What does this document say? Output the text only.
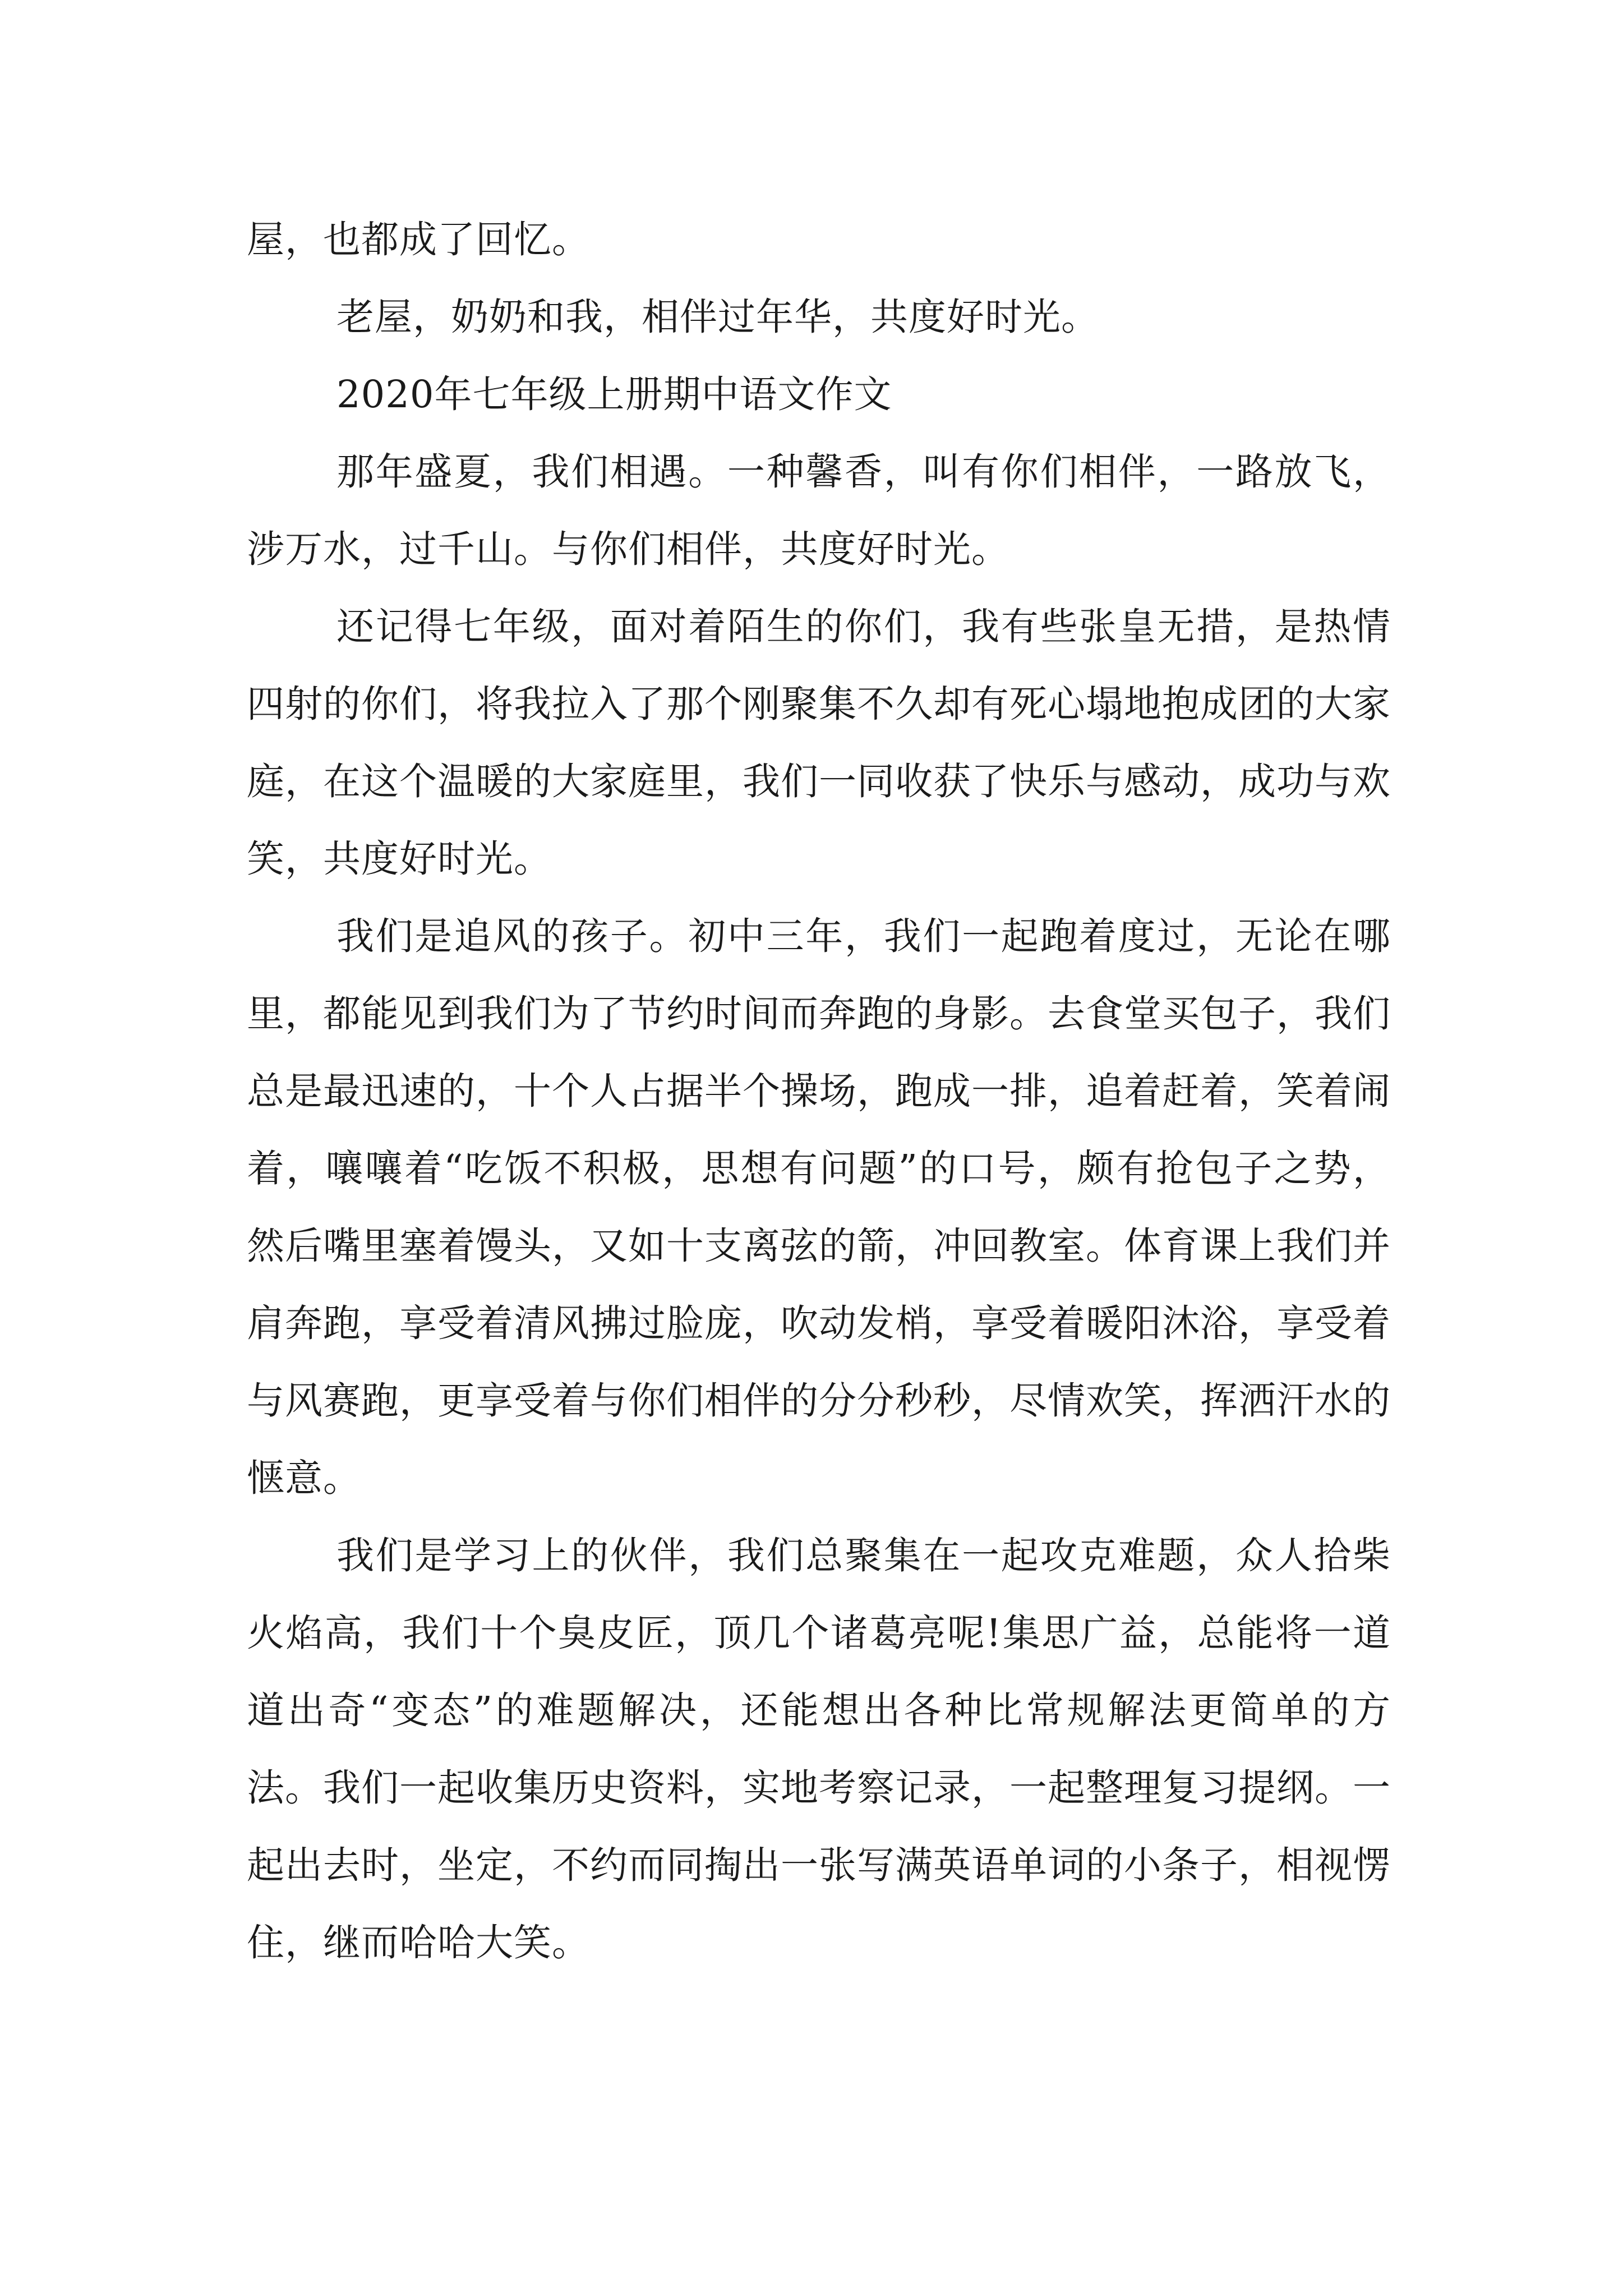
屋，也都成了回忆。

老屋，奶奶和我，相伴过年华，共度好时光。

2020年七年级上册期中语文作文

那年盛夏，我们相遇。一种馨香，叫有你们相伴，一路放飞，涉万水，过千山。与你们相伴，共度好时光。

还记得七年级，面对着陌生的你们，我有些张皇无措，是热情四射的你们，将我拉入了那个刚聚集不久却有死心塌地抱成团的大家庭，在这个温暖的大家庭里，我们一同收获了快乐与感动，成功与欢笑，共度好时光。

我们是追风的孩子。初中三年，我们一起跑着度过，无论在哪里，都能见到我们为了节约时间而奔跑的身影。去食堂买包子，我们总是最迅速的，十个人占据半个操场，跑成一排，追着赶着，笑着闹着，嚷嚷着“吃饭不积极，思想有问题”的口号，颇有抢包子之势，然后嘴里塞着馒头，又如十支离弦的箭，冲回教室。体育课上我们并肩奔跑，享受着清风拂过脸庞，吹动发梢，享受着暖阳沐浴，享受着与风赛跑，更享受着与你们相伴的分分秒秒，尽情欢笑，挥洒汗水的惬意。

我们是学习上的伙伴，我们总聚集在一起攻克难题，众人拾柴火焰高，我们十个臭皮匠，顶几个诸葛亮呢!集思广益，总能将一道道出奇“变态”的难题解决，还能想出各种比常规解法更简单的方法。我们一起收集历史资料，实地考察记录，一起整理复习提纲。一起出去时，坐定，不约而同掏出一张写满英语单词的小条子，相视愣住，继而哈哈大笑。
